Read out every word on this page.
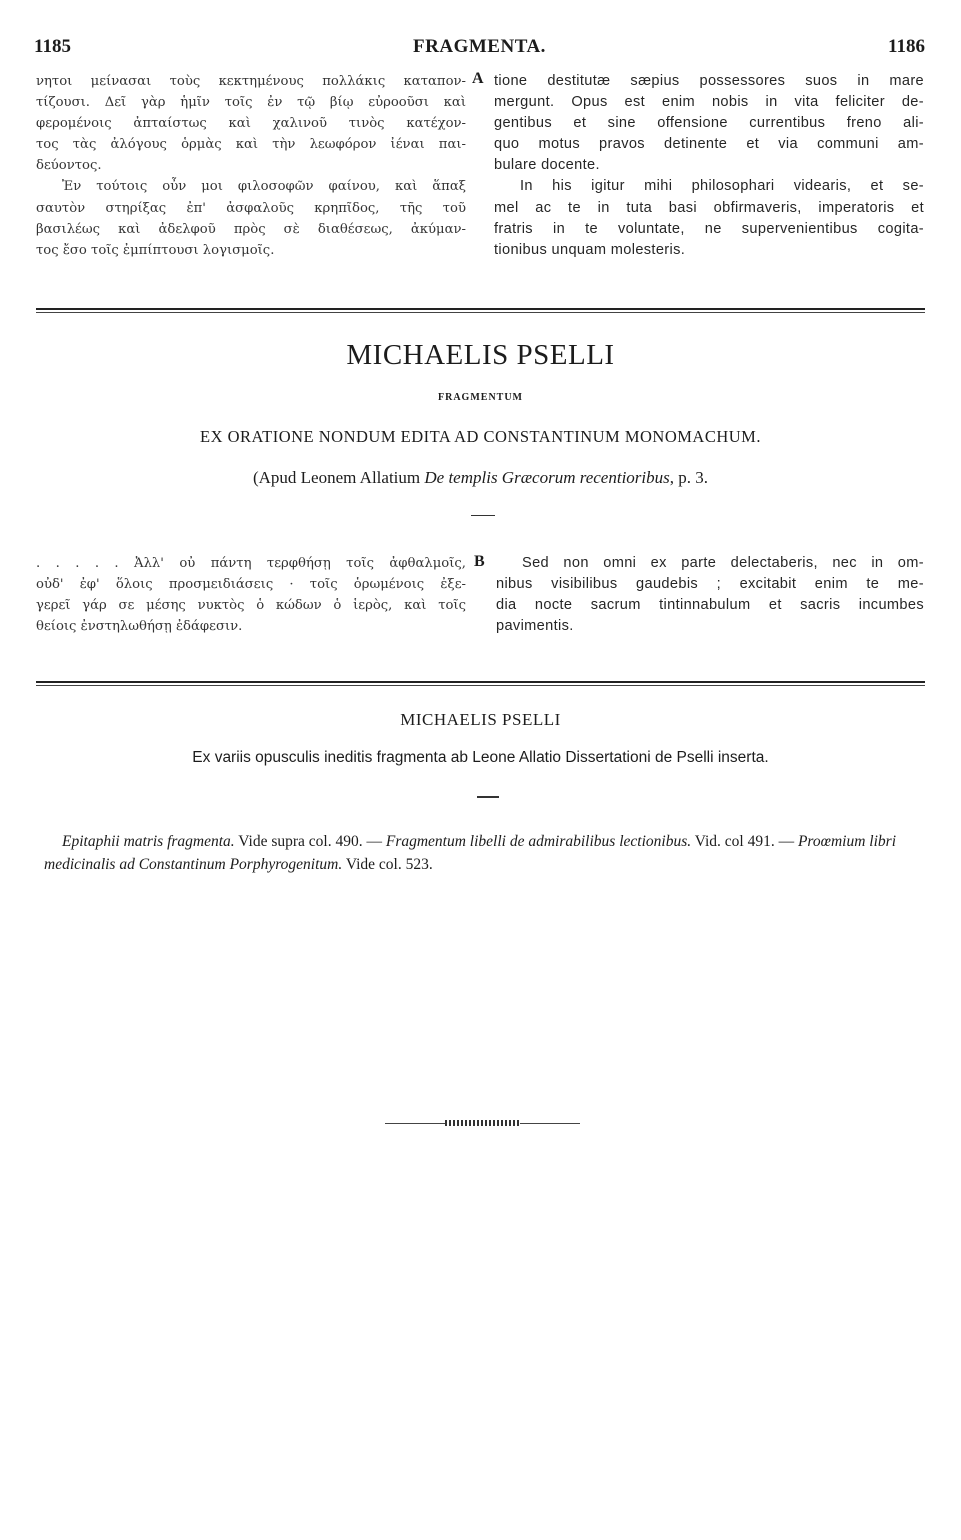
1185	FRAGMENTA.	1186
νητοι μείνασαι τοὺς κεκτημένους πολλάκις καταπον-
τίζουσι. Δεῖ γὰρ ἡμῖν τοῖς ἐν τῷ βίῳ εὐροοῦσι καὶ
φερομένοις ἀπταίστως καὶ χαλινοῦ τινὸς κατέχον-
τος τὰς ἀλόγους ὁρμὰς καὶ τὴν λεωφόρον ἰέναι παι-
δεύοντος.
Ἐν τούτοις οὖν μοι φιλοσοφῶν φαίνου, καὶ ἅπαξ
σαυτὸν στηρίξας ἐπ' ἀσφαλοῦς κρηπῖδος, τῆς τοῦ
βασιλέως καὶ ἀδελφοῦ πρὸς σὲ διαθέσεως, ἀκύμαν-
τος ἔσο τοῖς ἐμπίπτουσι λογισμοῖς.
A tione destitutæ sæpius possessores suos in mare
mergunt. Opus est enim nobis in vita feliciter de-
gentibus et sine offensione currentibus freno ali-
quo motus pravos detinente et via communi am-
bulare docente.
In his igitur mihi philosophari videaris, et se-
mel ac te in tuta basi obfirmaveris, imperatoris et
fratris in te voluntate, ne supervenientibus cogita-
tionibus unquam molesteris.
MICHAELIS PSELLI
FRAGMENTUM
EX ORATIONE NONDUM EDITA AD CONSTANTINUM MONOMACHUM.
(Apud Leonem Allatium De templis Græcorum recentioribus, p. 3.
. . . . . Ἀλλ' οὐ πάντη τερφθήσῃ τοῖς ἀφθαλμοῖς,
οὐδ' ἐφ' ὅλοις προσμειδιάσεις · τοῖς ὁρωμένοις ἐξε-
γερεῖ γάρ σε μέσης νυκτὸς ὁ κώδων ὁ ἱερὸς, καὶ τοῖς
θείοις ἐνστηλωθήσῃ ἐδάφεσιν.
B	Sed non omni ex parte delectaberis, nec in om-
nibus visibilibus gaudebis ; excitabit enim te me-
dia nocte sacrum tintinnabulum et sacris incumbes
pavimentis.
MICHAELIS PSELLI
Ex variis opusculis ineditis fragmenta ab Leone Allatio Dissertationi de Pselli inserta.
Epitaphii matris fragmenta. Vide supra col. 490. — Fragmentum libelli de admirabilibus lectionibus. Vid. col 491. — Proœmium libri medicinalis ad Constantinum Porphyrogenitum. Vide col. 523.
